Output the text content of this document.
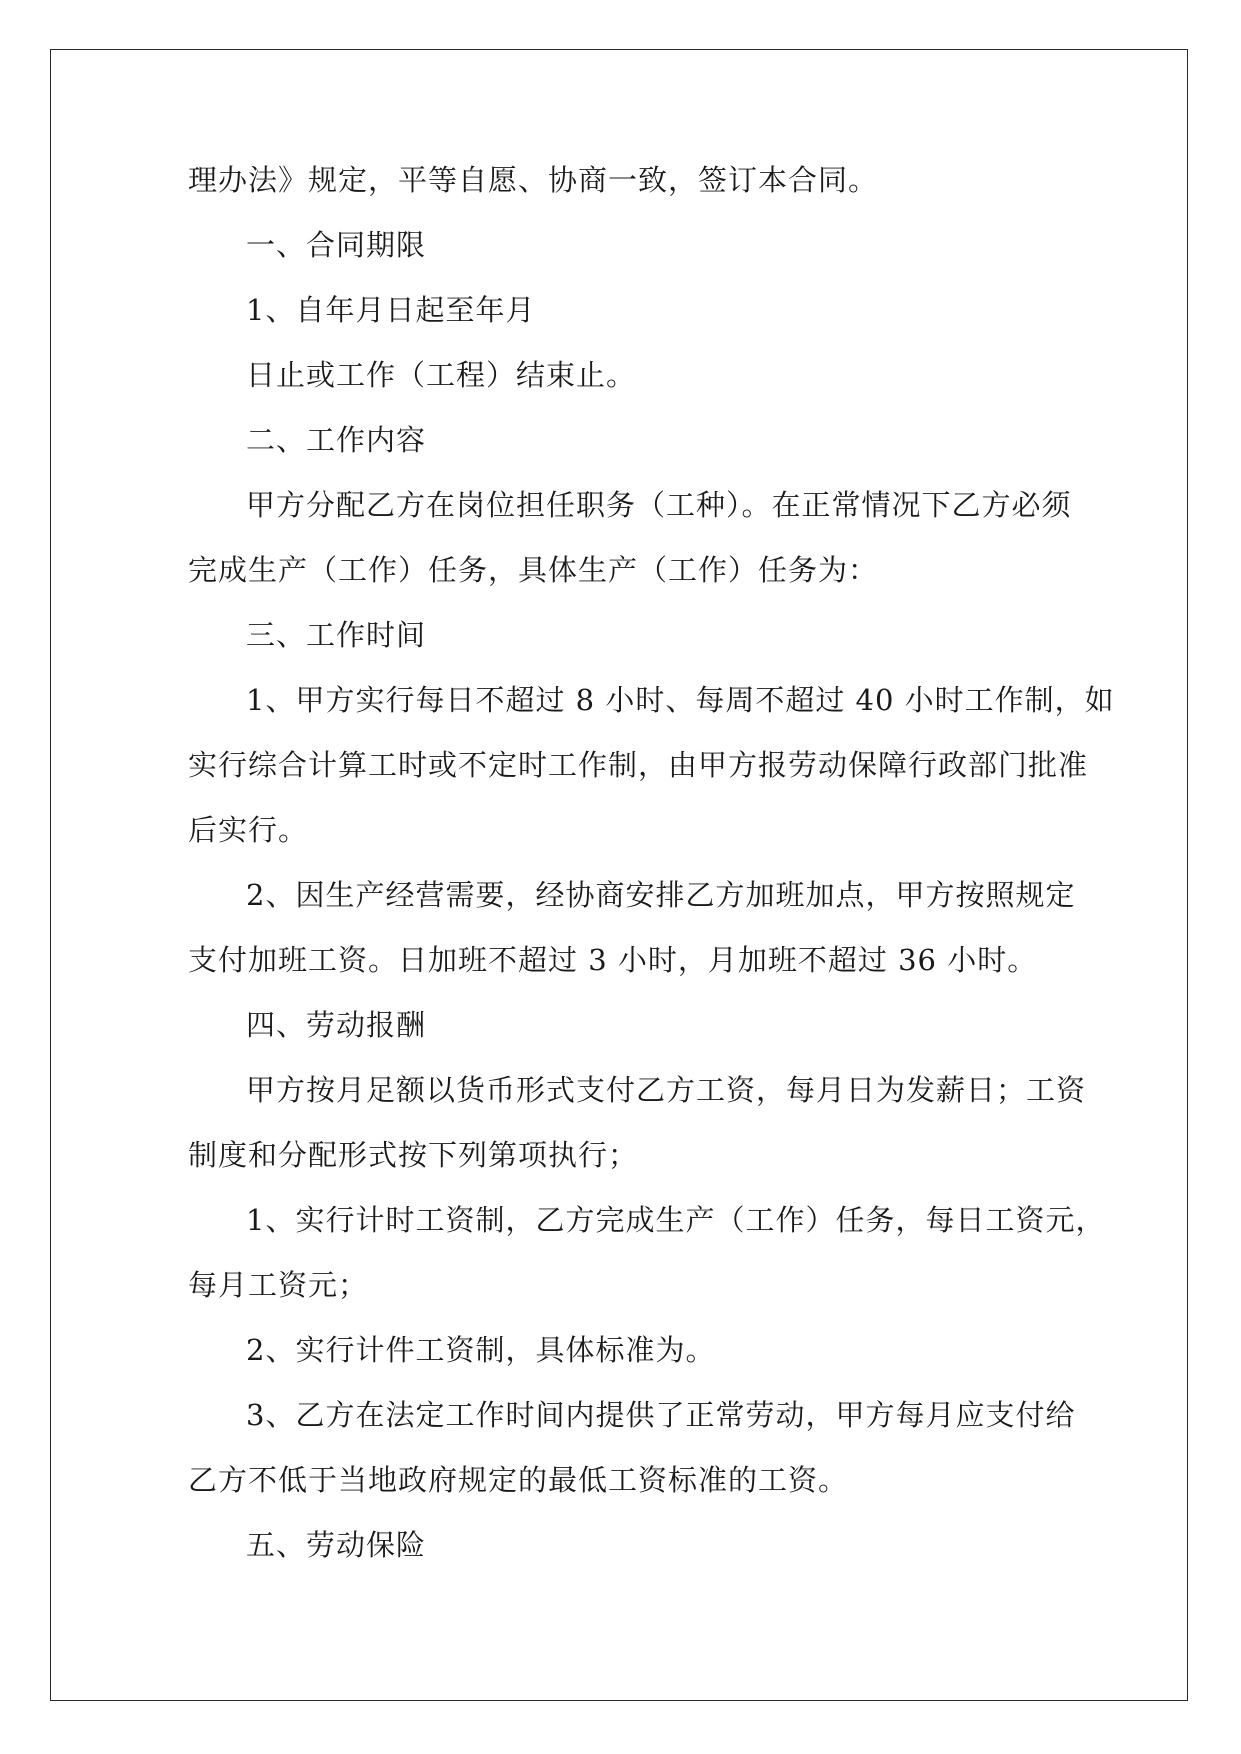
理办法》规定，平等自愿、协商一致，签订本合同。
一、合同期限
1、自年月日起至年月
日止或工作（工程）结束止。
二、工作内容
甲方分配乙方在岗位担任职务（工种）。在正常情况下乙方必须
完成生产（工作）任务，具体生产（工作）任务为：
三、工作时间
1、甲方实行每日不超过 8 小时、每周不超过 40 小时工作制，如
实行综合计算工时或不定时工作制，由甲方报劳动保障行政部门批准
后实行。
2、因生产经营需要，经协商安排乙方加班加点，甲方按照规定
支付加班工资。日加班不超过 3 小时，月加班不超过 36 小时。
四、劳动报酬
甲方按月足额以货币形式支付乙方工资，每月日为发薪日；工资
制度和分配形式按下列第项执行；
1、实行计时工资制，乙方完成生产（工作）任务，每日工资元，
每月工资元；
2、实行计件工资制，具体标准为。
3、乙方在法定工作时间内提供了正常劳动，甲方每月应支付给
乙方不低于当地政府规定的最低工资标准的工资。
五、劳动保险
